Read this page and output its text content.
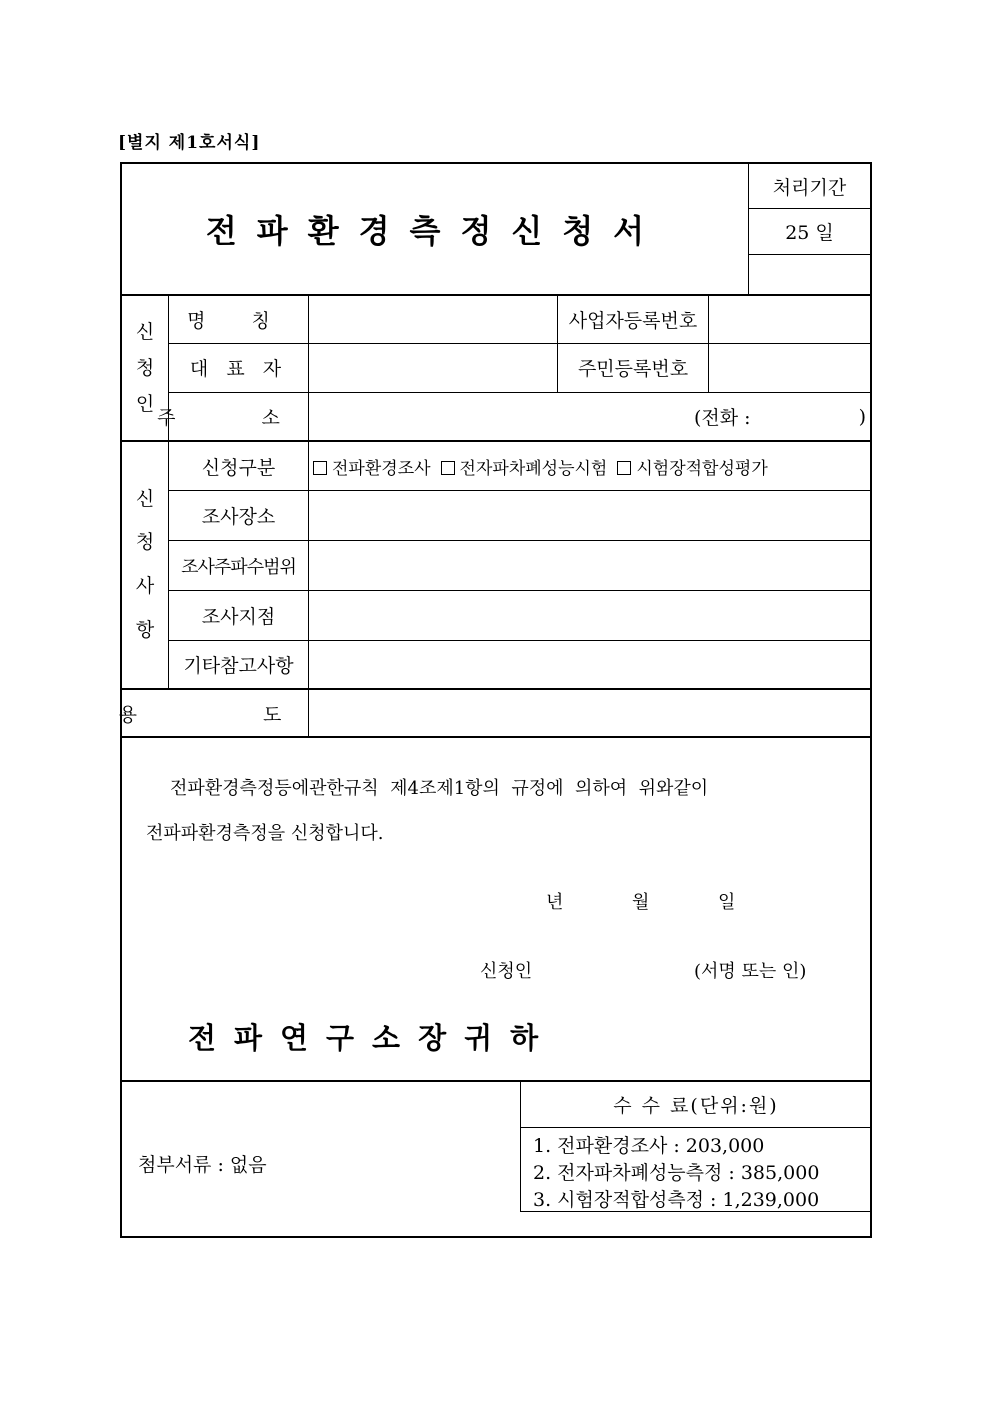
[별지 제1호서식]
전파환경측정신청서
처리기간
25 일
신
청
인
명 칭	사업자등록번호
대 표 자	주민등록번호
주 소	(전화 :	)
신
청
사
항
신청구분	전파환경조사	전자파차폐성능시험	시험장적합성평가
조사장소
조사주파수범위
조사지점
기타참고사항
용 도
전파환경측정등에관한규칙  제4조제1항의  규정에  의하여  위와같이
전파파환경측정을 신청합니다.
년	월	일
신청인	(서명 또는 인)
전파연구소장귀하
첨부서류 : 없음
수 수 료(단위:원)
1. 전파환경조사 : 203,000
2. 전자파차폐성능측정 : 385,000
3. 시험장적합성측정 : 1,239,000
